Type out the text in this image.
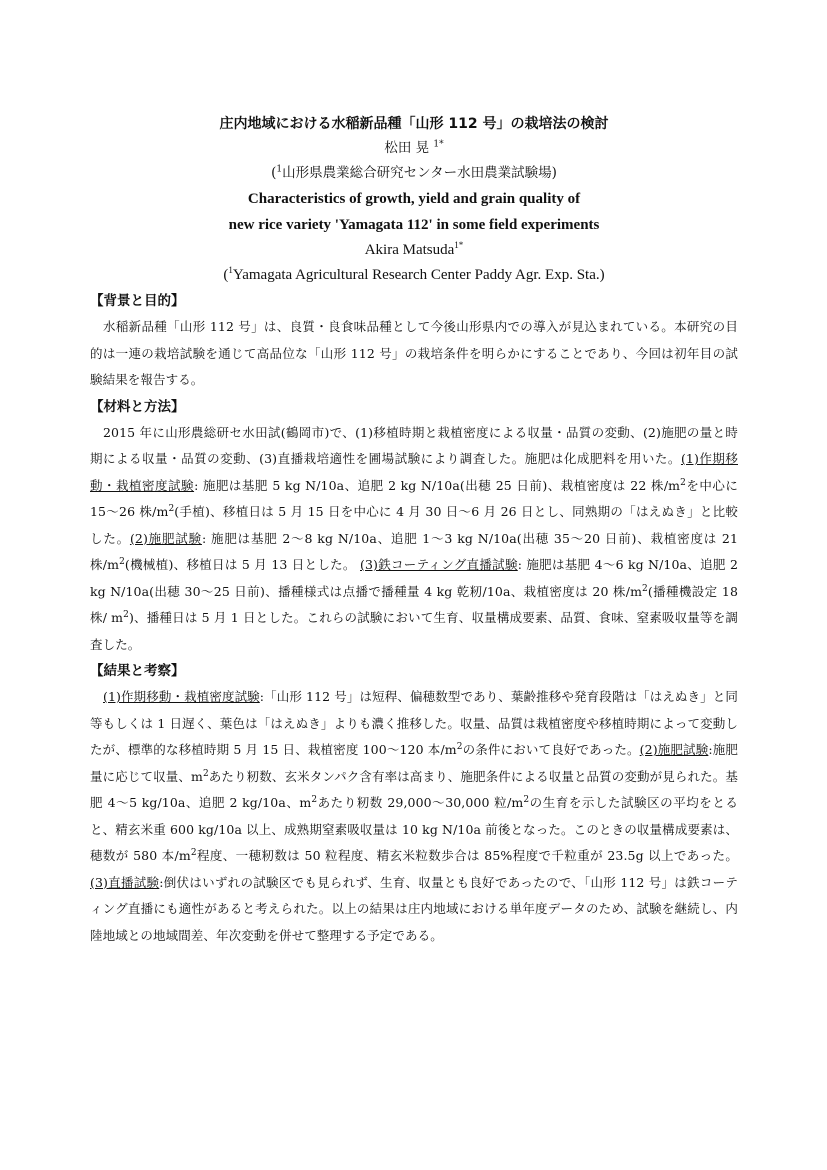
庄内地域における水稲新品種「山形 112 号」の栽培法の検討

松田 晃 $^{1*}$

($^1$山形県農業総合研究センター水田農業試験場)

Characteristics of growth, yield and grain quality of

new rice variety 'Yamagata 112' in some field experiments

Akira Matsuda$^{1*}$

($^1$Yamagata Agricultural Research Center Paddy Agr. Exp. Sta.)

【背景と目的】

水稲新品種「山形 112 号」は、良質・良食味品種として今後山形県内での導入が見込まれている。本研究の目的は一連の栽培試験を通じて高品位な「山形 112 号」の栽培条件を明らかにすることであり、今回は初年目の試験結果を報告する。

【材料と方法】

2015 年に山形農総研セ水田試(鶴岡市)で、(1)移植時期と栽植密度による収量・品質の変動、(2)施肥の量と時期による収量・品質の変動、(3)直播栽培適性を圃場試験により調査した。施肥は化成肥料を用いた。(1)作期移動・栽植密度試験: 施肥は基肥 5 kg N/10a、追肥 2 kg N/10a(出穂 25 日前)、栽植密度は 22 株$/m^2$を中心に 15～26 株$/m^2$(手植)、移植日は 5 月 15 日を中心に 4 月 30 日～6 月 26 日とし、同熟期の「はえぬき」と比較した。(2)施肥試験: 施肥は基肥 2～8 kg N/10a、追肥 1～3 kg N/10a(出穂 35～20 日前)、栽植密度は 21 株$/m^2$(機械植)、移植日は 5 月 13 日とした。 (3)鉄コーティング直播試験: 施肥は基肥 4～6 kg N/10a、追肥 2 kg N/10a(出穂 30～25 日前)、播種様式は点播で播種量 4 kg 乾籾/10a、栽植密度は 20 株$/m^2$(播種機設定 18 株/ $m^2$)、播種日は 5 月 1 日とした。これらの試験において生育、収量構成要素、品質、食味、窒素吸収量等を調査した。

【結果と考察】

(1)作期移動・栽植密度試験:「山形 112 号」は短稈、偏穂数型であり、葉齢推移や発育段階は「はえぬき」と同等もしくは 1 日遅く、葉色は「はえぬき」よりも濃く推移した。収量、品質は栽植密度や移植時期によって変動したが、標準的な移植時期 5 月 15 日、栽植密度 100～120 本$/m^2$の条件において良好であった。(2)施肥試験:施肥量に応じて収量、$m^2$あたり籾数、玄米タンパク含有率は高まり、施肥条件による収量と品質の変動が見られた。基肥 4～5 kg/10a、追肥 2 kg/10a、$m^2$あたり籾数 29,000～30,000 粒$/m^2$の生育を示した試験区の平均をとると、精玄米重 600 kg/10a 以上、成熟期窒素吸収量は 10 kg N/10a 前後となった。このときの収量構成要素は、穂数が 580 本$/m^2$程度、一穂籾数は 50 粒程度、精玄米粒数歩合は 85%程度で千粒重が 23.5g 以上であった。 (3)直播試験:倒伏はいずれの試験区でも見られず、生育、収量とも良好であったので、「山形 112 号」は鉄コーティング直播にも適性があると考えられた。以上の結果は庄内地域における単年度データのため、試験を継続し、内陸地域との地域間差、年次変動を併せて整理する予定である。
